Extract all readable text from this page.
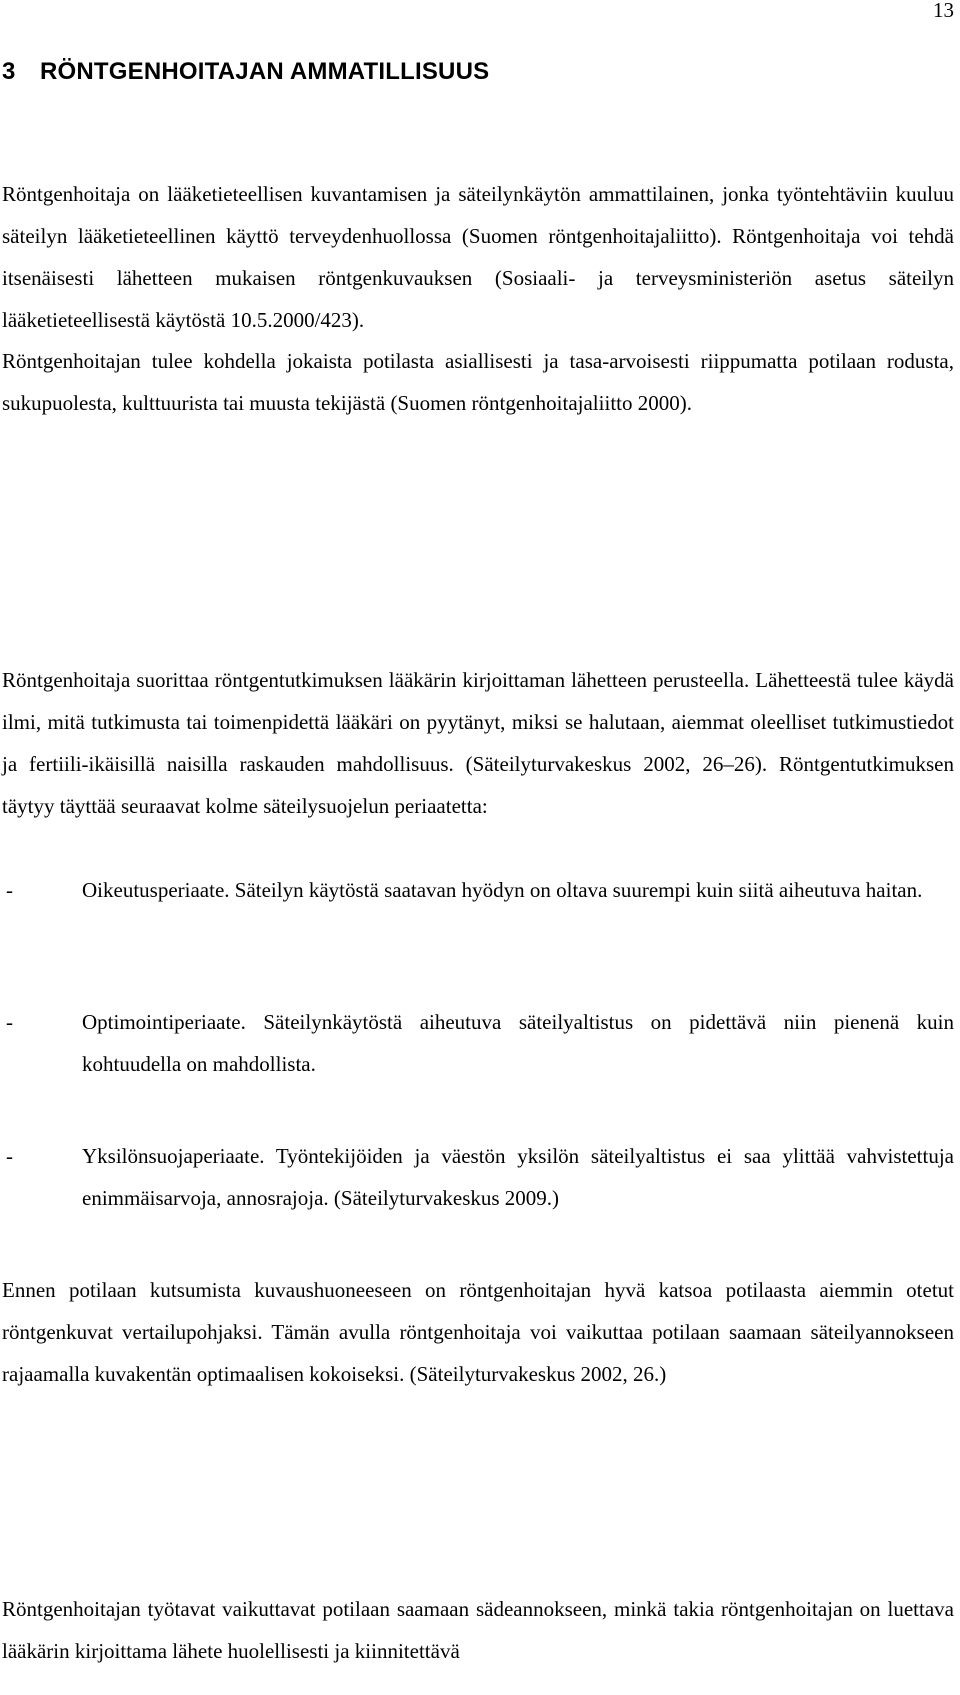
13
3 RÖNTGENHOITAJAN AMMATILLISUUS

Röntgenhoitaja on lääketieteellisen kuvantamisen ja säteilynkäytön ammattilainen, jonka työntehtäviin kuuluu säteilyn lääketieteellinen käyttö terveydenhuollossa (Suomen röntgenhoitajaliitto). Röntgenhoitaja voi tehdä itsenäisesti lähetteen mukaisen röntgenkuvauksen (Sosiaali- ja terveysministeriön asetus säteilyn lääketieteellisestä käytöstä 10.5.2000/423).

Röntgenhoitajan tulee kohdella jokaista potilasta asiallisesti ja tasa-arvoisesti riippumatta potilaan rodusta, sukupuolesta, kulttuurista tai muusta tekijästä (Suomen röntgenhoitajaliitto 2000).

Röntgenhoitaja suorittaa röntgentutkimuksen lääkärin kirjoittaman lähetteen perusteella. Lähetteestä tulee käydä ilmi, mitä tutkimusta tai toimenpidettä lääkäri on pyytänyt, miksi se halutaan, aiemmat oleelliset tutkimustiedot ja fertiili-ikäisillä naisilla raskauden mahdollisuus. (Säteilyturvakeskus 2002, 26–26). Röntgentutkimuksen täytyy täyttää seuraavat kolme säteilysuojelun periaatetta:

-	Oikeutusperiaate. Säteilyn käytöstä saatavan hyödyn on oltava suurempi kuin siitä aiheutuva haitan.
-	Optimointiperiaate. Säteilynkäytöstä aiheutuva säteilyaltistus on pidettävä niin pienenä kuin kohtuudella on mahdollista.
-	Yksilönsuojaperiaate. Työntekijöiden ja väestön yksilön säteilyaltistus ei saa ylittää vahvistettuja enimmäisarvoja, annosrajoja. (Säteilyturvakeskus 2009.)

Ennen potilaan kutsumista kuvaushuoneeseen on röntgenhoitajan hyvä katsoa potilaasta aiemmin otetut röntgenkuvat vertailupohjaksi. Tämän avulla röntgenhoitaja voi vaikuttaa potilaan saamaan säteilyannokseen rajaamalla kuvakentän optimaalisen kokoiseksi. (Säteilyturvakeskus 2002, 26.)

Röntgenhoitajan työtavat vaikuttavat potilaan saamaan sädeannokseen, minkä takia röntgenhoitajan on luettava lääkärin kirjoittama lähete huolellisesti ja kiinnitettävä
